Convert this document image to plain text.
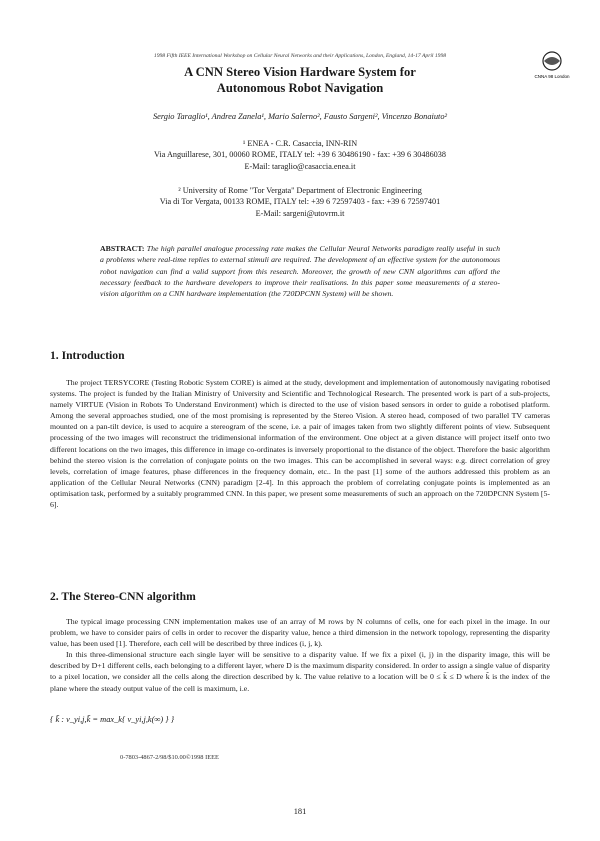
1998 Fifth IEEE International Workshop on Cellular Neural Networks and their Applications, London, England, 14-17 April 1998
CNNA 98 London
A CNN Stereo Vision Hardware System for
Autonomous Robot Navigation
Sergio Taraglio¹, Andrea Zanela¹, Mario Salerno², Fausto Sargeni², Vincenzo Bonaiuto²
¹ ENEA - C.R. Casaccia, INN-RIN
Via Anguillarese, 301, 00060 ROME, ITALY tel: +39 6 30486190 - fax: +39 6 30486038
E-Mail: taraglio@casaccia.enea.it
² University of Rome "Tor Vergata" Department of Electronic Engineering
Via di Tor Vergata, 00133 ROME, ITALY tel: +39 6 72597403 - fax: +39 6 72597401
E-Mail: sargeni@utovrm.it
ABSTRACT: The high parallel analogue processing rate makes the Cellular Neural Networks paradigm really useful in such a problems where real-time replies to external stimuli are required. The development of an effective system for the autonomous robot navigation can find a valid support from this research. Moreover, the growth of new CNN algorithms can afford the necessary feedback to the hardware developers to improve their realisations. In this paper some measurements of a stereo-vision algorithm on a CNN hardware implementation (the 720DPCNN System) will be shown.
1. Introduction

The project TERSYCORE (Testing Robotic System CORE) is aimed at the study, development and implementation of autonomously navigating robotised systems. The project is funded by the Italian Ministry of University and Scientific and Technological Research. The presented work is part of a sub-projects, namely VIRTUE (Vision in Robots To Understand Environment) which is directed to the use of vision based sensors in order to guide a robotised platform. Among the several approaches studied, one of the most promising is represented by the Stereo Vision. A stereo head, composed of two parallel TV cameras mounted on a pan-tilt device, is used to acquire a stereogram of the scene, i.e. a pair of images taken from two slightly different points of view. Subsequent processing of the two images will reconstruct the tridimensional information of the environment. One object at a given distance will project itself onto two different locations on the two images, this difference in image co-ordinates is inversely proportional to the distance of the object. Therefore the basic algorithm behind the stereo vision is the correlation of conjugate points on the two images. This can be accomplished in several ways: e.g. direct correlation of grey levels, correlation of image features, phase differences in the frequency domain, etc.. In the past [1] some of the authors addressed this problem as an application of the Cellular Neural Networks (CNN) paradigm [2-4]. In this approach the problem of correlating conjugate points is implemented as an optimisation task, performed by a suitably programmed CNN. In this paper, we present some measurements of such an approach on the 720DPCNN System [5-6].

2. The Stereo-CNN algorithm

The typical image processing CNN implementation makes use of an array of M rows by N columns of cells, one for each pixel in the image. In our problem, we have to consider pairs of cells in order to recover the disparity value, hence a third dimension in the network topology, representing the disparity value, has been used [1]. Therefore, each cell will be described by three indices (i, j, k).

In this three-dimensional structure each single layer will be sensitive to a disparity value. If we fix a pixel (i, j) in the disparity image, this will be described by D+1 different cells, each belonging to a different layer, where D is the maximum disparity considered. In order to assign a single value of disparity to a pixel location, we consider all the cells along the direction described by k. The value relative to a location will be 0 ≤ k̃ ≤ D where k̃ is the index of the plane where the steady output value of the cell is maximum, i.e.

{ k̃ : v_yi,j,k̃ = max_k{ v_yi,j,k(∞) } }
0-7803-4867-2/98/$10.00©1998 IEEE
181
